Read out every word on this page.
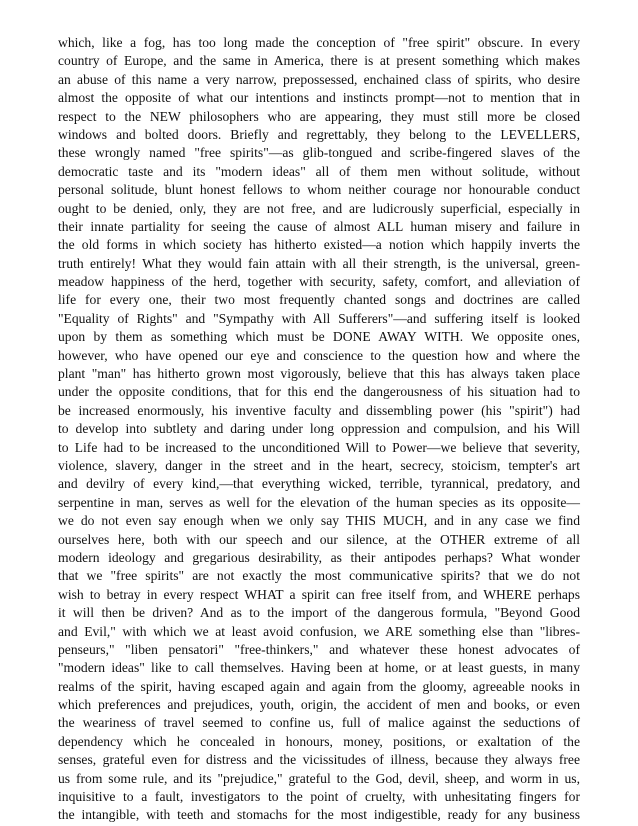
which, like a fog, has too long made the conception of "free spirit" obscure. In every
country of Europe, and the same in America, there is at present something which makes
an abuse of this name a very narrow, prepossessed, enchained class of spirits, who desire
almost the opposite of what our intentions and instincts prompt—not to mention that in
respect to the NEW philosophers who are appearing, they must still more be closed
windows and bolted doors. Briefly and regrettably, they belong to the LEVELLERS,
these wrongly named "free spirits"—as glib-tongued and scribe-fingered slaves of the
democratic taste and its "modern ideas" all of them men without solitude, without
personal solitude, blunt honest fellows to whom neither courage nor honourable conduct
ought to be denied, only, they are not free, and are ludicrously superficial, especially in
their innate partiality for seeing the cause of almost ALL human misery and failure in
the old forms in which society has hitherto existed—a notion which happily inverts the
truth entirely! What they would fain attain with all their strength, is the universal, green-
meadow happiness of the herd, together with security, safety, comfort, and alleviation of
life for every one, their two most frequently chanted songs and doctrines are called
"Equality of Rights" and "Sympathy with All Sufferers"—and suffering itself is looked
upon by them as something which must be DONE AWAY WITH. We opposite ones,
however, who have opened our eye and conscience to the question how and where the
plant "man" has hitherto grown most vigorously, believe that this has always taken place
under the opposite conditions, that for this end the dangerousness of his situation had to
be increased enormously, his inventive faculty and dissembling power (his "spirit") had
to develop into subtlety and daring under long oppression and compulsion, and his Will
to Life had to be increased to the unconditioned Will to Power—we believe that severity,
violence, slavery, danger in the street and in the heart, secrecy, stoicism, tempter's art
and devilry of every kind,—that everything wicked, terrible, tyrannical, predatory, and
serpentine in man, serves as well for the elevation of the human species as its opposite—
we do not even say enough when we only say THIS MUCH, and in any case we find
ourselves here, both with our speech and our silence, at the OTHER extreme of all
modern ideology and gregarious desirability, as their antipodes perhaps? What wonder
that we "free spirits" are not exactly the most communicative spirits? that we do not
wish to betray in every respect WHAT a spirit can free itself from, and WHERE perhaps
it will then be driven? And as to the import of the dangerous formula, "Beyond Good
and Evil," with which we at least avoid confusion, we ARE something else than "libres-
penseurs," "liben pensatori" "free-thinkers," and whatever these honest advocates of
"modern ideas" like to call themselves. Having been at home, or at least guests, in many
realms of the spirit, having escaped again and again from the gloomy, agreeable nooks in
which preferences and prejudices, youth, origin, the accident of men and books, or even
the weariness of travel seemed to confine us, full of malice against the seductions of
dependency which he concealed in honours, money, positions, or exaltation of the
senses, grateful even for distress and the vicissitudes of illness, because they always free
us from some rule, and its "prejudice," grateful to the God, devil, sheep, and worm in us,
inquisitive to a fault, investigators to the point of cruelty, with unhesitating fingers for
the intangible, with teeth and stomachs for the most indigestible, ready for any business
